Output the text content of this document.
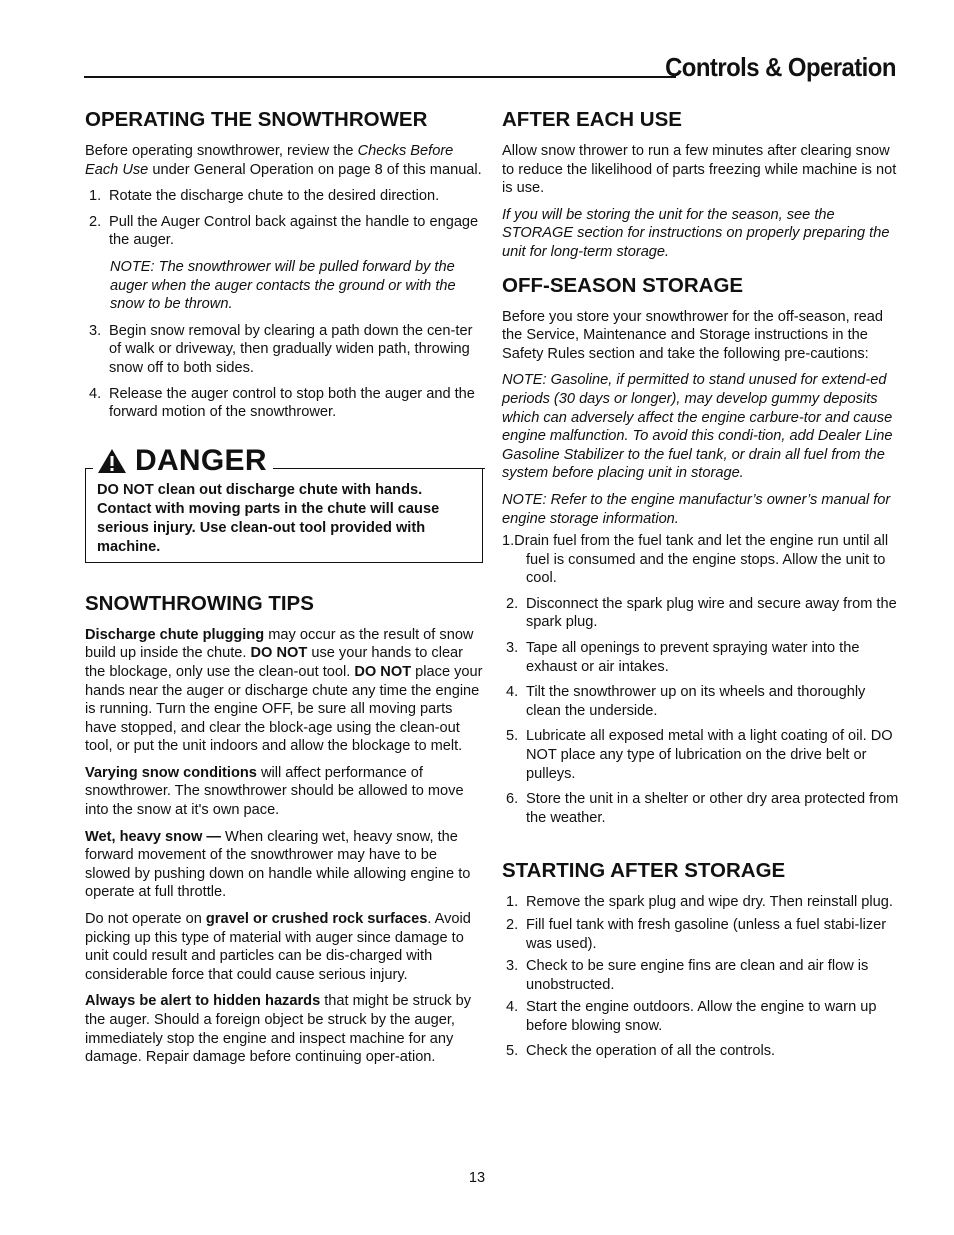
Controls & Operation
OPERATING THE SNOWTHROWER

Before operating snowthrower, review the Checks Before Each Use under General Operation on page 8 of this manual.

1. Rotate the discharge chute to the desired direction.
2. Pull the Auger Control back against the handle to engage the auger.

NOTE: The snowthrower will be pulled forward by the auger when the auger contacts the ground or with the snow to be thrown.

3. Begin snow removal by clearing a path down the cen-ter of walk or driveway, then gradually widen path, throwing snow off to both sides.
4. Release the auger control to stop both the auger and the forward motion of the snowthrower.
DANGER
DO NOT clean out discharge chute with hands. Contact with moving parts in the chute will cause serious injury. Use clean-out tool provided with machine.
SNOWTHROWING TIPS

Discharge chute plugging may occur as the result of snow build up inside the chute. DO NOT use your hands to clear the blockage, only use the clean-out tool. DO NOT place your hands near the auger or discharge chute any time the engine is running. Turn the engine OFF, be sure all moving parts have stopped, and clear the block-age using the clean-out tool, or put the unit indoors and allow the blockage to melt.

Varying snow conditions will affect performance of snowthrower. The snowthrower should be allowed to move into the snow at it's own pace.

Wet, heavy snow — When clearing wet, heavy snow, the forward movement of the snowthrower may have to be slowed by pushing down on handle while allowing engine to operate at full throttle.

Do not operate on gravel or crushed rock surfaces. Avoid picking up this type of material with auger since damage to unit could result and particles can be dis-charged with considerable force that could cause serious injury.

Always be alert to hidden hazards that might be struck by the auger. Should a foreign object be struck by the auger, immediately stop the engine and inspect machine for any damage. Repair damage before continuing oper-ation.

AFTER EACH USE

Allow snow thrower to run a few minutes after clearing snow to reduce the likelihood of parts freezing while machine is not is use.

If you will be storing the unit for the season, see the STORAGE section for instructions on properly preparing the unit for long-term storage.

OFF-SEASON STORAGE

Before you store your snowthrower for the off-season, read the Service, Maintenance and Storage instructions in the Safety Rules section and take the following pre-cautions:

NOTE: Gasoline, if permitted to stand unused for extend-ed periods (30 days or longer), may develop gummy deposits which can adversely affect the engine carbure-tor and cause engine malfunction. To avoid this condi-tion, add Dealer Line Gasoline Stabilizer to the fuel tank, or drain all fuel from the system before placing unit in storage.

NOTE: Refer to the engine manufactur’s owner’s manual for engine storage information.

1.Drain fuel from the fuel tank and let the engine run until all fuel is consumed and the engine stops. Allow the unit to cool.

2. Disconnect the spark plug wire and secure away from the spark plug.
3. Tape all openings to prevent spraying water into the exhaust or air intakes.
4. Tilt the snowthrower up on its wheels and thoroughly clean the underside.
5. Lubricate all exposed metal with a light coating of oil. DO NOT place any type of lubrication on the drive belt or pulleys.
6. Store the unit in a shelter or other dry area protected from the weather.
STARTING AFTER STORAGE
1. Remove the spark plug and wipe dry. Then reinstall plug.
2. Fill fuel tank with fresh gasoline (unless a fuel stabi-lizer was used).
3. Check to be sure engine fins are clean and air flow is unobstructed.
4. Start the engine outdoors. Allow the engine to warn up before blowing snow.
5. Check the operation of all the controls.
13
